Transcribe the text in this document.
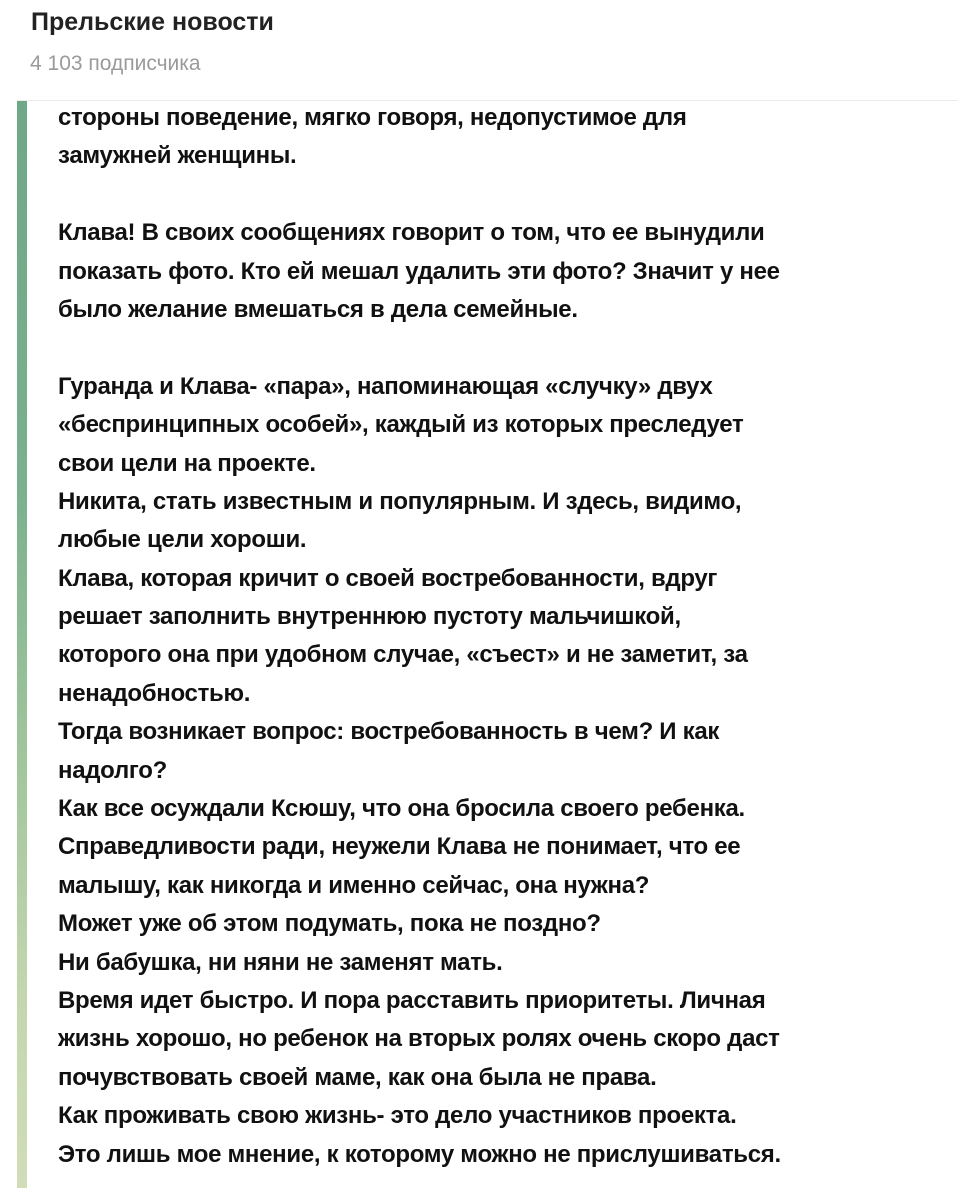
Прельские новости
4 103 подписчика
стороны поведение, мягко говоря, недопустимое для
замужней женщины.
Клава! В своих сообщениях говорит о том, что ее вынудили
показать фото. Кто ей мешал удалить эти фото? Значит у нее
было желание вмешаться в дела семейные.
Гуранда и Клава- «пара», напоминающая «случку» двух
«беспринципных особей», каждый из которых преследует
свои цели на проекте.
Никита, стать известным и популярным. И здесь, видимо,
любые цели хороши.
Клава, которая кричит о своей востребованности, вдруг
решает заполнить внутреннюю пустоту мальчишкой,
которого она при удобном случае, «съест» и не заметит, за
ненадобностью.
Тогда возникает вопрос: востребованность в чем? И как
надолго?
Как все осуждали Ксюшу, что она бросила своего ребенка.
Справедливости ради, неужели Клава не понимает, что ее
малышу, как никогда и именно сейчас, она нужна?
Может уже об этом подумать, пока не поздно?
Ни бабушка, ни няни не заменят мать.
Время идет быстро. И пора расставить приоритеты. Личная
жизнь хорошо, но ребенок на вторых ролях очень скоро даст
почувствовать своей маме, как она была не права.
Как проживать свою жизнь- это дело участников проекта.
Это лишь мое мнение, к которому можно не прислушиваться.
